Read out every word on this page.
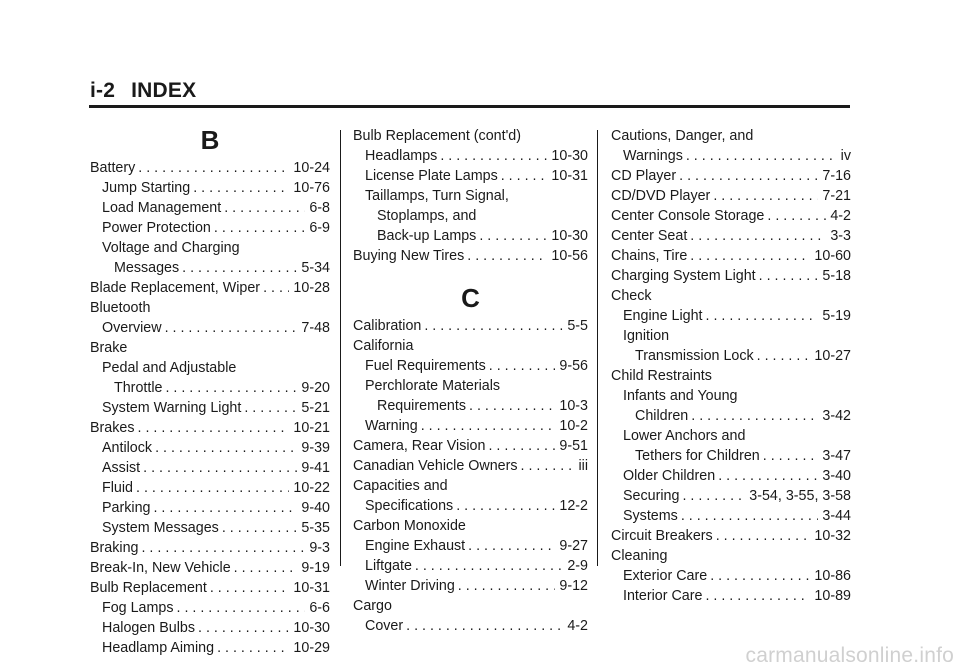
i-2 INDEX
B
Battery . . .	10-24
Jump Starting . . .	10-76
Load Management . . .	6-8
Power Protection . . .	6-9
Voltage and Charging
Messages . . .	5-34
Blade Replacement, Wiper . . . 10-28
Bluetooth
Overview . . .	7-48
Brake
Pedal and Adjustable
Throttle . . .	9-20
System Warning Light . . .	5-21
Brakes . . .	10-21
Antilock . . .	9-39
Assist . . .	9-41
Fluid . . .	10-22
Parking . . .	9-40
System Messages . . .	5-35
Braking . . .	9-3
Break-In, New Vehicle . . .	9-19
Bulb Replacement . . .	10-31
Fog Lamps . . .	6-6
Halogen Bulbs . . .	10-30
Headlamp Aiming . . .	10-29
Bulb Replacement (cont'd)
Headlamps . . .	10-30
License Plate Lamps . . .	10-31
Taillamps, Turn Signal,
Stoplamps, and
Back-up Lamps . . .	10-30
Buying New Tires . . .	10-56
C
Calibration . . .	5-5
California
Fuel Requirements . . .	9-56
Perchlorate Materials
Requirements . . .	10-3
Warning . . .	10-2
Camera, Rear Vision . . .	9-51
Canadian Vehicle Owners . . .	iii
Capacities and
Specifications . . .	12-2
Carbon Monoxide
Engine Exhaust . . .	9-27
Liftgate . . .	2-9
Winter Driving . . .	9-12
Cargo
Cover . . .	4-2
Cautions, Danger, and
Warnings . . .	iv
CD Player . . .	7-16
CD/DVD Player . . .	7-21
Center Console Storage . . .	4-2
Center Seat . . .	3-3
Chains, Tire . . .	10-60
Charging System Light . . .	5-18
Check
Engine Light . . .	5-19
Ignition
Transmission Lock . . .	10-27
Child Restraints
Infants and Young
Children . . .	3-42
Lower Anchors and
Tethers for Children . . .	3-47
Older Children . . .	3-40
Securing . . .	3-54, 3-55, 3-58
Systems . . .	3-44
Circuit Breakers . . .	10-32
Cleaning
Exterior Care . . .	10-86
Interior Care . . .	10-89
carmanualsonline.info
